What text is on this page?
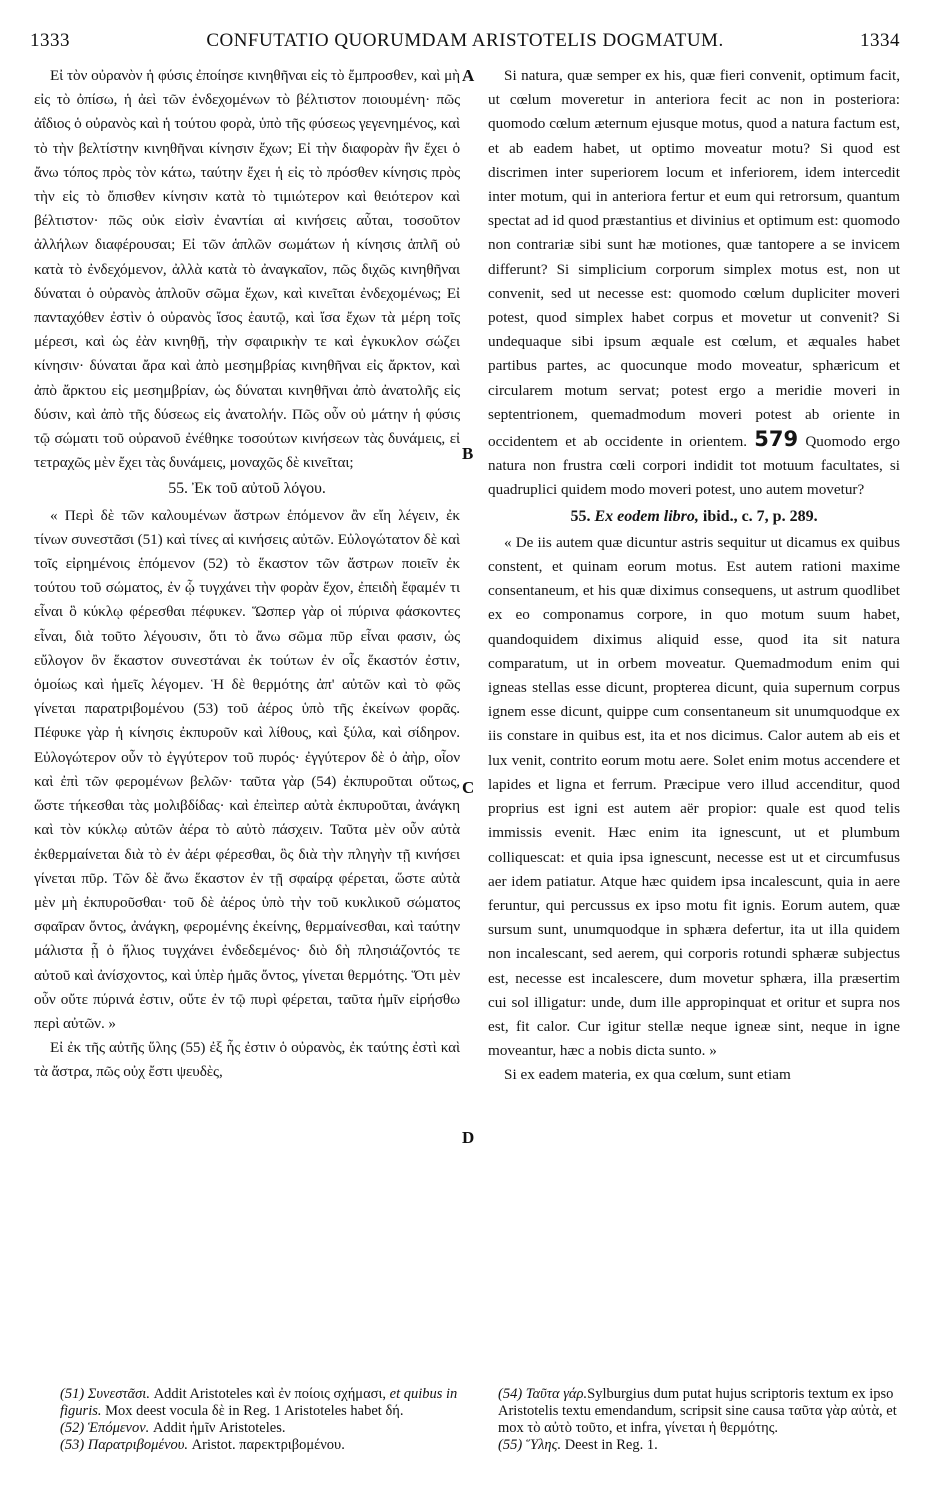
1333	CONFUTATIO QUORUMDAM ARISTOTELIS DOGMATUM.	1334
A
B
C
D

Εἰ τὸν οὐρανὸν ἡ φύσις ἐποίησε κινηθῆναι εἰς τὸ ἔμπροσθεν, καὶ μὴ εἰς τὸ ὀπίσω, ἡ ἀεὶ τῶν ἐνδεχομένων τὸ βέλτιστον ποιουμένη· πῶς ἀΐδιος ὁ οὐρανὸς καὶ ἡ τούτου φορὰ, ὑπὸ τῆς φύσεως γεγενημένος, καὶ τὸ τὴν βελτίστην κινηθῆναι κίνησιν ἔχων; Εἰ τὴν διαφορὰν ἣν ἔχει ὁ ἄνω τόπος πρὸς τὸν κάτω, ταύτην ἔχει ἡ εἰς τὸ πρόσθεν κίνησις πρὸς τὴν εἰς τὸ ὄπισθεν κίνησιν κατὰ τὸ τιμιώτερον καὶ θειότερον καὶ βέλτιστον· πῶς οὐκ εἰσὶν ἐναντίαι αἱ κινήσεις αὗται, τοσοῦτον ἀλλήλων διαφέρουσαι; Εἰ τῶν ἁπλῶν σωμάτων ἡ κίνησις ἁπλῆ οὐ κατὰ τὸ ἐνδεχόμενον, ἀλλὰ κατὰ τὸ ἀναγκαῖον, πῶς διχῶς κινηθῆναι δύναται ὁ οὐρανὸς ἁπλοῦν σῶμα ἔχων, καὶ κινεῖται ἐνδεχομένως; Εἰ πανταχόθεν ἐστὶν ὁ οὐρανὸς ἴσος ἑαυτῷ, καὶ ἴσα ἔχων τὰ μέρη τοῖς μέρεσι, καὶ ὡς ἐὰν κινηθῇ, τὴν σφαιρικὴν τε καὶ ἐγκυκλον σώζει κίνησιν· δύναται ἄρα καὶ ἀπὸ μεσημβρίας κινηθῆναι εἰς ἄρκτον, καὶ ἀπὸ ἄρκτου εἰς μεσημβρίαν, ὡς δύναται κινηθῆναι ἀπὸ ἀνατολῆς εἰς δύσιν, καὶ ἀπὸ τῆς δύσεως εἰς ἀνατολήν. Πῶς οὖν οὐ μάτην ἡ φύσις τῷ σώματι τοῦ οὐρανοῦ ἐνέθηκε τοσούτων κινήσεων τὰς δυνάμεις, εἰ τετραχῶς μὲν ἔχει τὰς δυνάμεις, μοναχῶς δὲ κινεῖται;

55. Ἐκ τοῦ αὐτοῦ λόγου.

« Περὶ δὲ τῶν καλουμένων ἄστρων ἑπόμενον ἂν εἴη λέγειν, ἐκ τίνων συνεστᾶσι (51) καὶ τίνες αἱ κινήσεις αὐτῶν. Εὐλογώτατον δὲ καὶ τοῖς εἰρημένοις ἑπόμενον (52) τὸ ἕκαστον τῶν ἄστρων ποιεῖν ἐκ τούτου τοῦ σώματος, ἐν ᾧ τυγχάνει τὴν φορὰν ἔχον, ἐπειδὴ ἔφαμέν τι εἶναι ὃ κύκλῳ φέρεσθαι πέφυκεν. Ὥσπερ γὰρ οἱ πύρινα φάσκοντες εἶναι, διὰ τοῦτο λέγουσιν, ὅτι τὸ ἄνω σῶμα πῦρ εἶναι φασιν, ὡς εὔλογον ὂν ἕκαστον συνεστάναι ἐκ τούτων ἐν οἷς ἕκαστόν ἐστιν, ὁμοίως καὶ ἡμεῖς λέγομεν. Ἡ δὲ θερμότης ἀπ' αὐτῶν καὶ τὸ φῶς γίνεται παρατριβομένου (53) τοῦ ἀέρος ὑπὸ τῆς ἐκείνων φορᾶς. Πέφυκε γὰρ ἡ κίνησις ἐκπυροῦν καὶ λίθους, καὶ ξύλα, καὶ σίδηρον. Εὐλογώτερον οὖν τὸ ἐγγύτερον τοῦ πυρός· ἐγγύτερον δὲ ὁ ἀὴρ, οἷον καὶ ἐπὶ τῶν φερομένων βελῶν· ταῦτα γὰρ (54) ἐκπυροῦται οὕτως, ὥστε τήκεσθαι τὰς μολιβδίδας· καὶ ἐπεὶπερ αὐτὰ ἐκπυροῦται, ἀνάγκη καὶ τὸν κύκλῳ αὐτῶν ἀέρα τὸ αὐτὸ πάσχειν. Ταῦτα μὲν οὖν αὐτὰ ἐκθερμαίνεται διὰ τὸ ἐν ἀέρι φέρεσθαι, ὃς διὰ τὴν πληγὴν τῇ κινήσει γίνεται πῦρ. Τῶν δὲ ἄνω ἕκαστον ἐν τῇ σφαίρᾳ φέρεται, ὥστε αὐτὰ μὲν μὴ ἐκπυροῦσθαι· τοῦ δὲ ἀέρος ὑπὸ τὴν τοῦ κυκλικοῦ σώματος σφαῖραν ὄντος, ἀνάγκη, φερομένης ἐκείνης, θερμαίνεσθαι, καὶ ταύτην μάλιστα ᾗ ὁ ἥλιος τυγχάνει ἐνδεδεμένος· διὸ δὴ πλησιάζοντός τε αὐτοῦ καὶ ἀνίσχοντος, καὶ ὑπὲρ ἡμᾶς ὄντος, γίνεται θερμότης. Ὅτι μὲν οὖν οὔτε πύρινά ἐστιν, οὔτε ἐν τῷ πυρὶ φέρεται, ταῦτα ἡμῖν εἰρήσθω περὶ αὐτῶν. »

Εἰ ἐκ τῆς αὐτῆς ὕλης (55) ἐξ ἧς ἐστιν ὁ οὐρανὸς, ἐκ ταύτης ἐστὶ καὶ τὰ ἄστρα, πῶς οὐχ ἔστι ψευδὲς,

Si natura, quæ semper ex his, quæ fieri convenit, optimum facit, ut cœlum moveretur in anteriora fecit ac non in posteriora: quomodo cœlum æternum ejusque motus, quod a natura factum est, et ab eadem habet, ut optimo moveatur motu? Si quod est discrimen inter superiorem locum et inferiorem, idem intercedit inter motum, qui in anteriora fertur et eum qui retrorsum, quantum spectat ad id quod præstantius et divinius et optimum est: quomodo non contrariæ sibi sunt hæ motiones, quæ tantopere a se invicem differunt? Si simplicium corporum simplex motus est, non ut convenit, sed ut necesse est: quomodo cœlum dupliciter moveri potest, quod simplex habet corpus et movetur ut convenit? Si undequaque sibi ipsum æquale est cœlum, et æquales habet partibus partes, ac quocunque modo moveatur, sphæricum et circularem motum servat; potest ergo a meridie moveri in septentrionem, quemadmodum moveri potest ab oriente in occidentem et ab occidente in orientem. 579 Quomodo ergo natura non frustra cœli corpori indidit tot motuum facultates, si quadruplici quidem modo moveri potest, uno autem movetur?

55. Ex eodem libro, ibid., c. 7, p. 289.

« De iis autem quæ dicuntur astris sequitur ut dicamus ex quibus constent, et quinam eorum motus. Est autem rationi maxime consentaneum, et his quæ diximus consequens, ut astrum quodlibet ex eo componamus corpore, in quo motum suum habet, quandoquidem diximus aliquid esse, quod ita sit natura comparatum, ut in orbem moveatur. Quemadmodum enim qui igneas stellas esse dicunt, propterea dicunt, quia supernum corpus ignem esse dicunt, quippe cum consentaneum sit unumquodque ex iis constare in quibus est, ita et nos dicimus. Calor autem ab eis et lux venit, contrito eorum motu aere. Solet enim motus accendere et lapides et ligna et ferrum. Præcipue vero illud accenditur, quod proprius est igni est autem aër propior: quale est quod telis immissis evenit. Hæc enim ita ignescunt, ut et plumbum colliquescat: et quia ipsa ignescunt, necesse est ut et circumfusus aer idem patiatur. Atque hæc quidem ipsa incalescunt, quia in aere feruntur, qui percussus ex ipso motu fit ignis. Eorum autem, quæ sursum sunt, unumquodque in sphæra defertur, ita ut illa quidem non incalescant, sed aerem, qui corporis rotundi sphæræ subjectus est, necesse est incalescere, dum movetur sphæra, illa præsertim cui sol illigatur: unde, dum ille appropinquat et oritur et supra nos est, fit calor. Cur igitur stellæ neque igneæ sint, neque in igne moveantur, hæc a nobis dicta sunto. »

Si ex eadem materia, ex qua cœlum, sunt etiam

(51) Συνεστᾶσι. Addit Aristoteles καὶ ἐν ποίοις σχήμασι, et quibus in figuris. Mox deest vocula δὲ in Reg. 1 Aristoteles habet δή.
(52) Ἑπόμενον. Addit ἡμῖν Aristoteles.
(53) Παρατριβομένου. Aristot. παρεκτριβομένου.
(54) Ταῦτα γάρ.Sylburgius dum putat hujus scriptoris textum ex ipso Aristotelis textu emendandum, scripsit sine causa ταῦτα γὰρ αὐτὰ, et mox τὸ αὐτὸ τοῦτο, et infra, γίνεται ἡ θερμότης.
(55) Ὕλης. Deest in Reg. 1.
